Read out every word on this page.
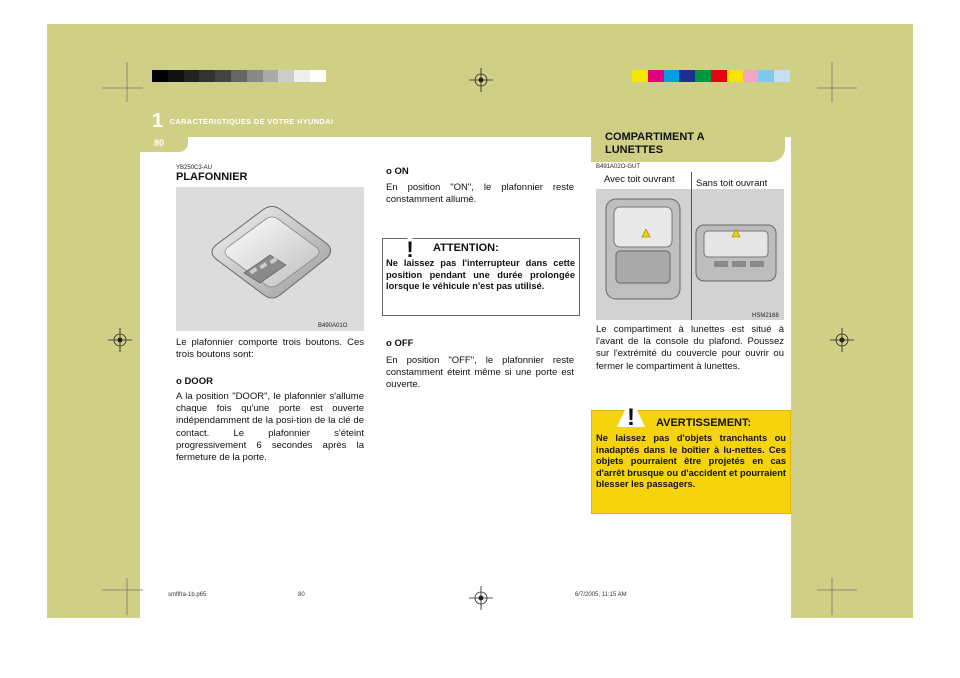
1 CARACTÉRISTIQUES DE VOTRE HYUNDAI
80	COMPARTIMENT A LUNETTES
YB250C3-AU
PLAFONNIER
B490A01O
Le plafonnier comporte trois boutons. Ces trois boutons sont:
o DOOR
A la position "DOOR", le plafonnier s'allume chaque fois qu'une porte est ouverte indépendamment de la posi-tion de la clé de contact. Le plafonnier s'éteint progressivement 6 secondes après la fermeture de la porte.
o ON
En position "ON", le plafonnier reste constamment allumé.
! ATTENTION:
Ne laissez pas l'interrupteur dans cette position pendant une durée prolongée lorsque le véhicule n'est pas utilisé.
o OFF
En position "OFF", le plafonnier reste constamment éteint même si une porte est ouverte.
B491A02O-GUT
Avec toit ouvrant Sans toit ouvrant
HSM2168
Le compartiment à lunettes est situé à l'avant de la console du plafond. Poussez sur l'extrémité du couvercle pour ouvrir ou fermer le compartiment à lunettes.
! AVERTISSEMENT:
Ne laissez pas d'objets tranchants ou inadaptés dans le boîtier à lu-nettes. Ces objets pourraient être projetés en cas d'arrêt brusque ou d'accident et pourraient blesser les passagers.
smflfra-1b.p65	80	6/7/2005, 11:15 AM
